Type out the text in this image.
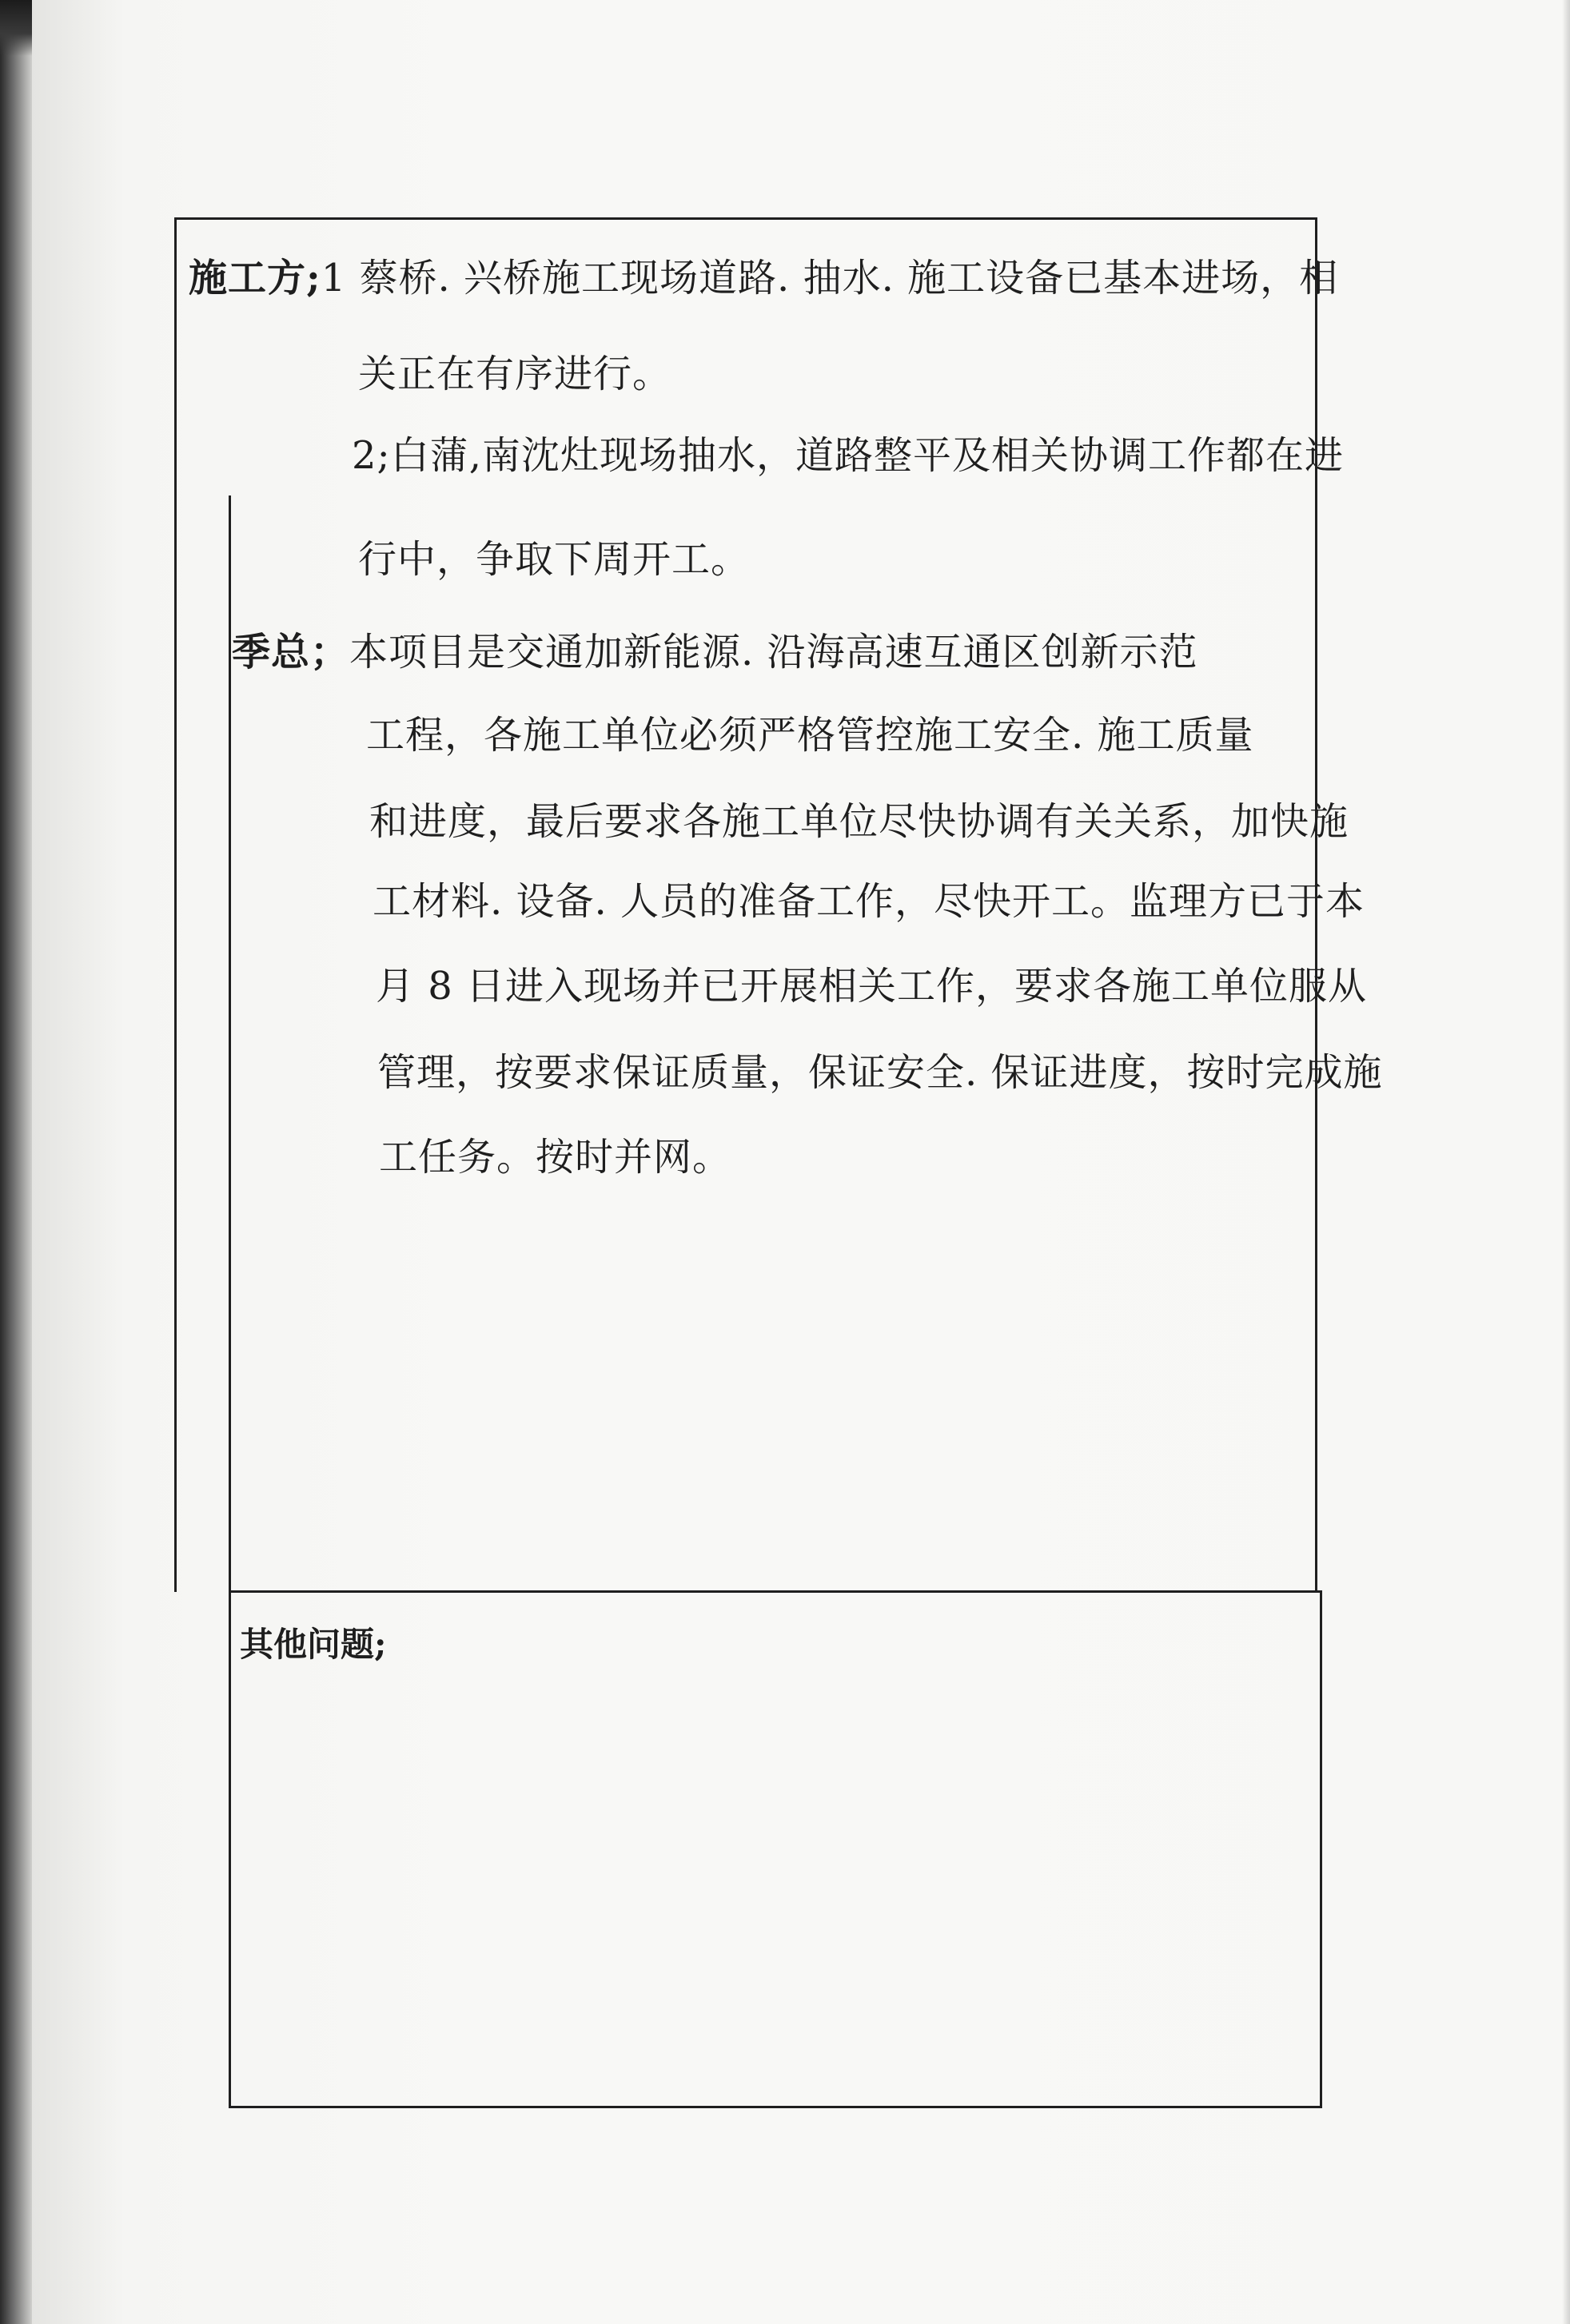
施工方;1 蔡桥. 兴桥施工现场道路. 抽水. 施工设备已基本进场，相
关正在有序进行。
2;白蒲,南沈灶现场抽水，道路整平及相关协调工作都在进
行中，争取下周开工。
季总；本项目是交通加新能源. 沿海高速互通区创新示范
工程，各施工单位必须严格管控施工安全. 施工质量
和进度，最后要求各施工单位尽快协调有关关系，加快施
工材料. 设备. 人员的准备工作，尽快开工。监理方已于本
月 8 日进入现场并已开展相关工作，要求各施工单位服从
管理，按要求保证质量，保证安全. 保证进度，按时完成施
工任务。按时并网。
其他问题;
